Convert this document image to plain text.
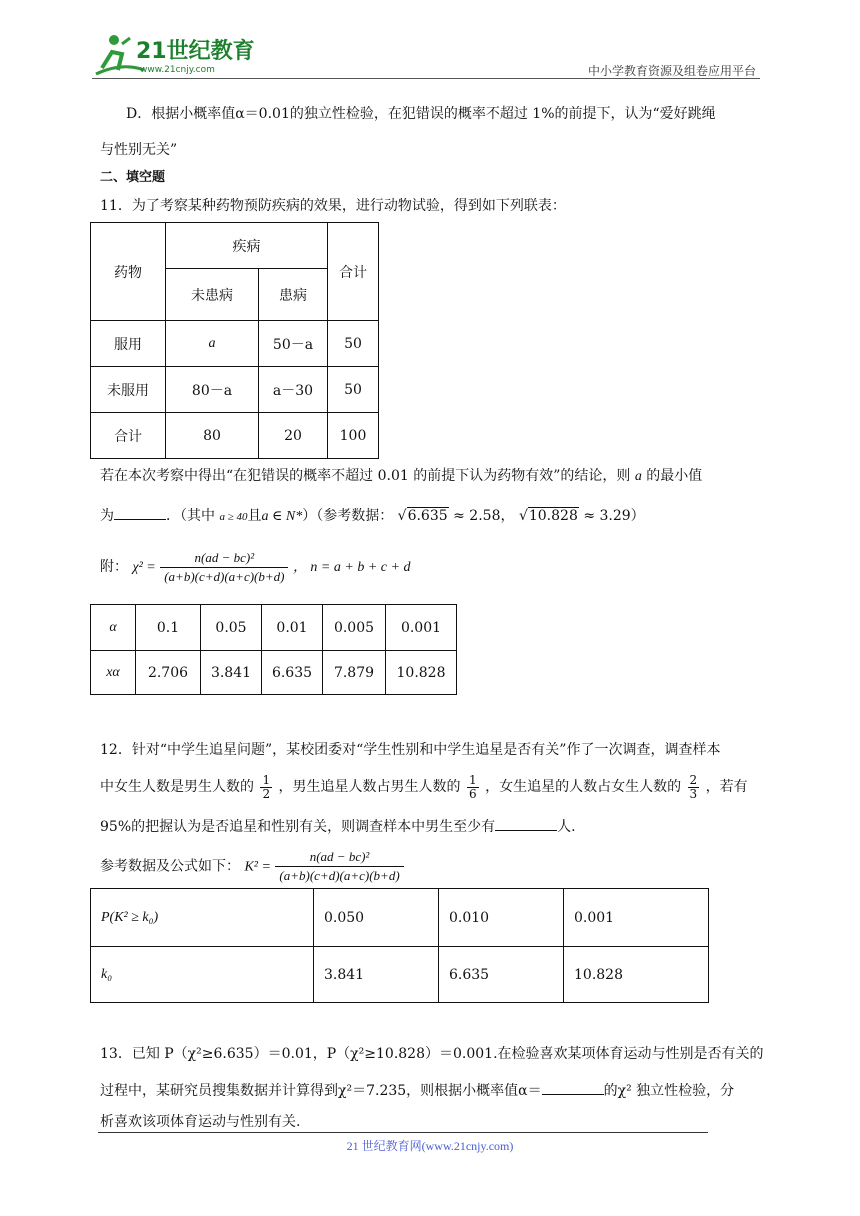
21世纪教育
www.21cnjy.com	中小学教育资源及组卷应用平台
D．根据小概率值α＝0.01的独立性检验，在犯错误的概率不超过 1%的前提下，认为“爱好跳绳
与性别无关”
二、填空题
11．为了考察某种药物预防疾病的效果，进行动物试验，得到如下列联表：
药物	疾病		合计
	未患病	患病	
服用	a	50－a	50
未服用	80－a	a－30	50
合计	80	20	100
若在本次考察中得出“在犯错误的概率不超过 0.01 的前提下认为药物有效”的结论，则 a 的最小值
为	．（其中 a ≥ 40且a ∈ N*）（参考数据： √6.635 ≈ 2.58， √10.828 ≈ 3.29）
附： $\chi^2 = \frac{\text{n(ad − bc)²}}{(a+b)(c+d)(a+c)(b+d)}$ ， n = a + b + c + d
α	0.1	0.05	0.01	0.005	0.001
xα	2.706	3.841	6.635	7.879	10.828
12．针对“中学生追星问题”，某校团委对“学生性别和中学生追星是否有关”作了一次调查，调查样本
中女生人数是男生人数的 $\frac{1}{2}$ ，男生追星人数占男生人数的 $\frac{1}{6}$ ，女生追星的人数占女生人数的 $\frac{2}{3}$ ，若有
95%的把握认为是否追星和性别有关，则调查样本中男生至少有	人.
参考数据及公式如下： $K^2 = \frac{\text{n(ad − bc)²}}{(a+b)(c+d)(a+c)(b+d)}$
P(K² ≥ k₀)	0.050	0.010	0.001
k₀	3.841	6.635	10.828
13．已知 P（χ²≥6.635）＝0.01，P（χ²≥10.828）＝0.001.在检验喜欢某项体育运动与性别是否有关的
过程中，某研究员搜集数据并计算得到χ²＝7.235，则根据小概率值α＝	的χ² 独立性检验，分
析喜欢该项体育运动与性别有关.
21 世纪教育网(www.21cnjy.com)
